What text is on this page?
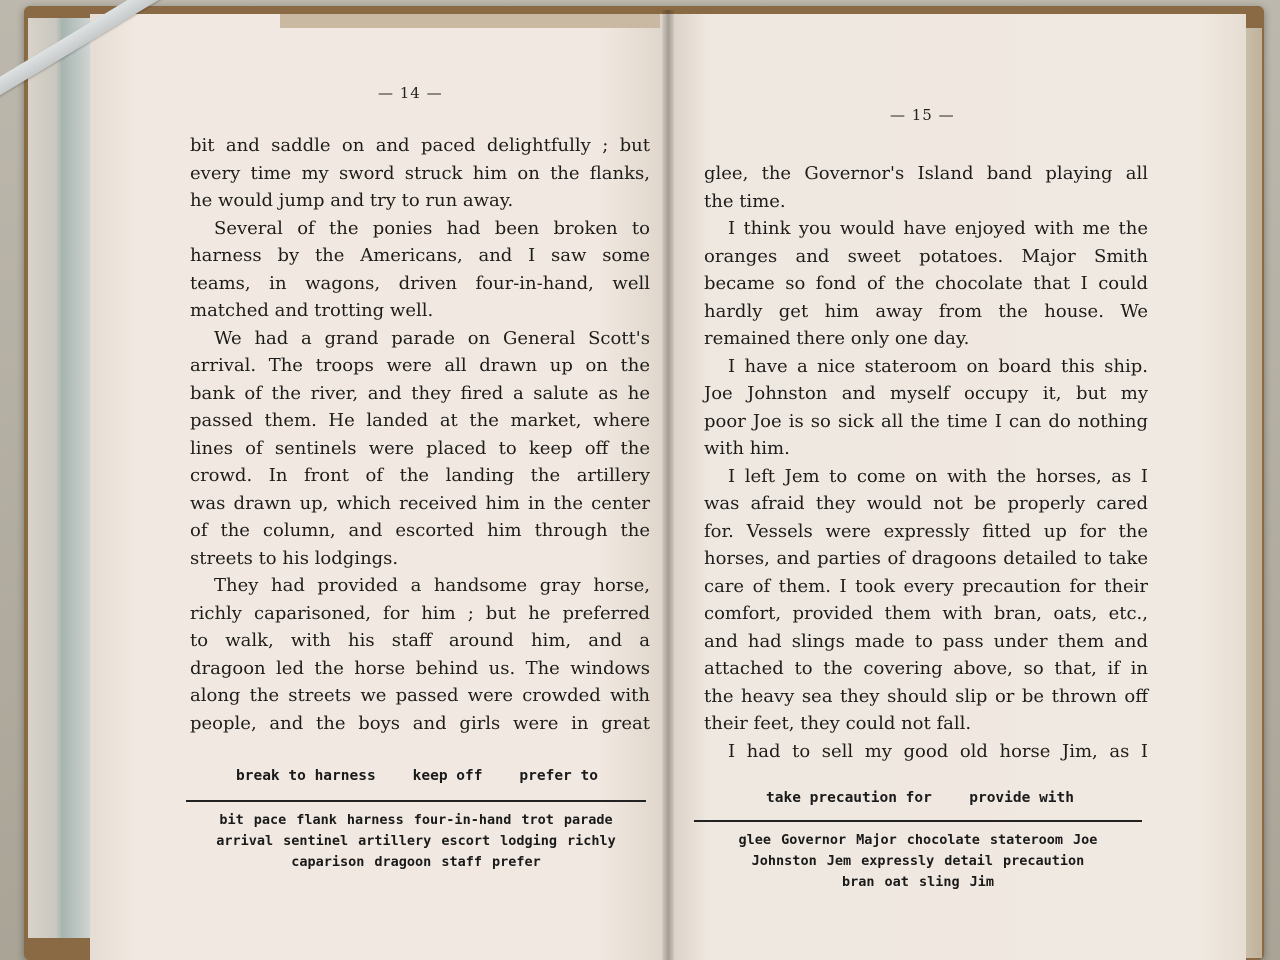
— 14 —
bit and saddle on and paced delightfully ; but
every time my sword struck him on the flanks,
he would jump and try to run away.
Several of the ponies had been broken to
harness by the Americans, and I saw some
teams, in wagons, driven four-in-hand, well
matched and trotting well.
We had a grand parade on General Scott's
arrival. The troops were all drawn up on the
bank of the river, and they fired a salute as he
passed them. He landed at the market, where
lines of sentinels were placed to keep off the
crowd. In front of the landing the artillery
was drawn up, which received him in the center
of the column, and escorted him through the
streets to his lodgings.
They had provided a handsome gray horse,
richly caparisoned, for him ; but he preferred
to walk, with his staff around him, and a
dragoon led the horse behind us. The windows
along the streets we passed were crowded with
people, and the boys and girls were in great
break to harness	keep off	prefer to
bit pace flank harness four-in-hand trot parade
arrival sentinel artillery escort lodging richly
caparison dragoon staff prefer
— 15 —
glee, the Governor's Island band playing all
the time.
I think you would have enjoyed with me the
oranges and sweet potatoes. Major Smith
became so fond of the chocolate that I could
hardly get him away from the house. We
remained there only one day.
I have a nice stateroom on board this ship.
Joe Johnston and myself occupy it, but my
poor Joe is so sick all the time I can do nothing
with him.
I left Jem to come on with the horses, as I
was afraid they would not be properly cared
for. Vessels were expressly fitted up for the
horses, and parties of dragoons detailed to take
care of them. I took every precaution for their
comfort, provided them with bran, oats, etc.,
and had slings made to pass under them and
attached to the covering above, so that, if in
the heavy sea they should slip or be thrown off
their feet, they could not fall.
I had to sell my good old horse Jim, as I
take precaution for	provide with
glee Governor Major chocolate stateroom Joe
Johnston Jem expressly detail precaution
bran oat sling Jim
